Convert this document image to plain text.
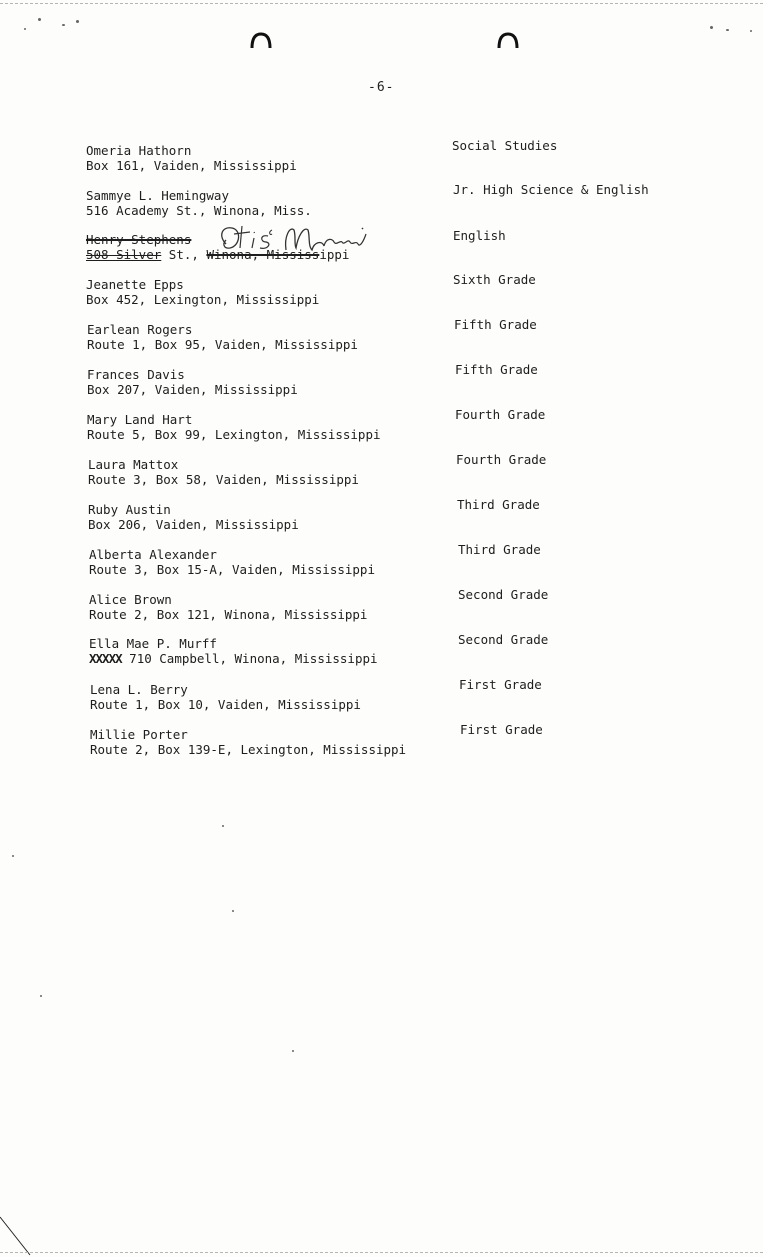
-6-
Omeria Hathorn
Box 161, Vaiden, Mississippi
Social Studies
Sammye L. Hemingway
516 Academy St., Winona, Miss.
Jr. High Science & English
Henry Stephens
508 Silver St., Winona, Mississippi
English
Jeanette Epps
Box 452, Lexington, Mississippi
Sixth Grade
Earlean Rogers
Route 1, Box 95, Vaiden, Mississippi
Fifth Grade
Frances Davis
Box 207, Vaiden, Mississippi
Fifth Grade
Mary Land Hart
Route 5, Box 99, Lexington, Mississippi
Fourth Grade
Laura Mattox
Route 3, Box 58, Vaiden, Mississippi
Fourth Grade
Ruby Austin
Box 206, Vaiden, Mississippi
Third Grade
Alberta Alexander
Route 3, Box 15-A, Vaiden, Mississippi
Third Grade
Alice Brown
Route 2, Box 121, Winona, Mississippi
Second Grade
Ella Mae P. Murff
XXXXX 710 Campbell, Winona, Mississippi
Second Grade
Lena L. Berry
Route 1, Box 10, Vaiden, Mississippi
First Grade
Millie Porter
Route 2, Box 139-E, Lexington, Mississippi
First Grade
